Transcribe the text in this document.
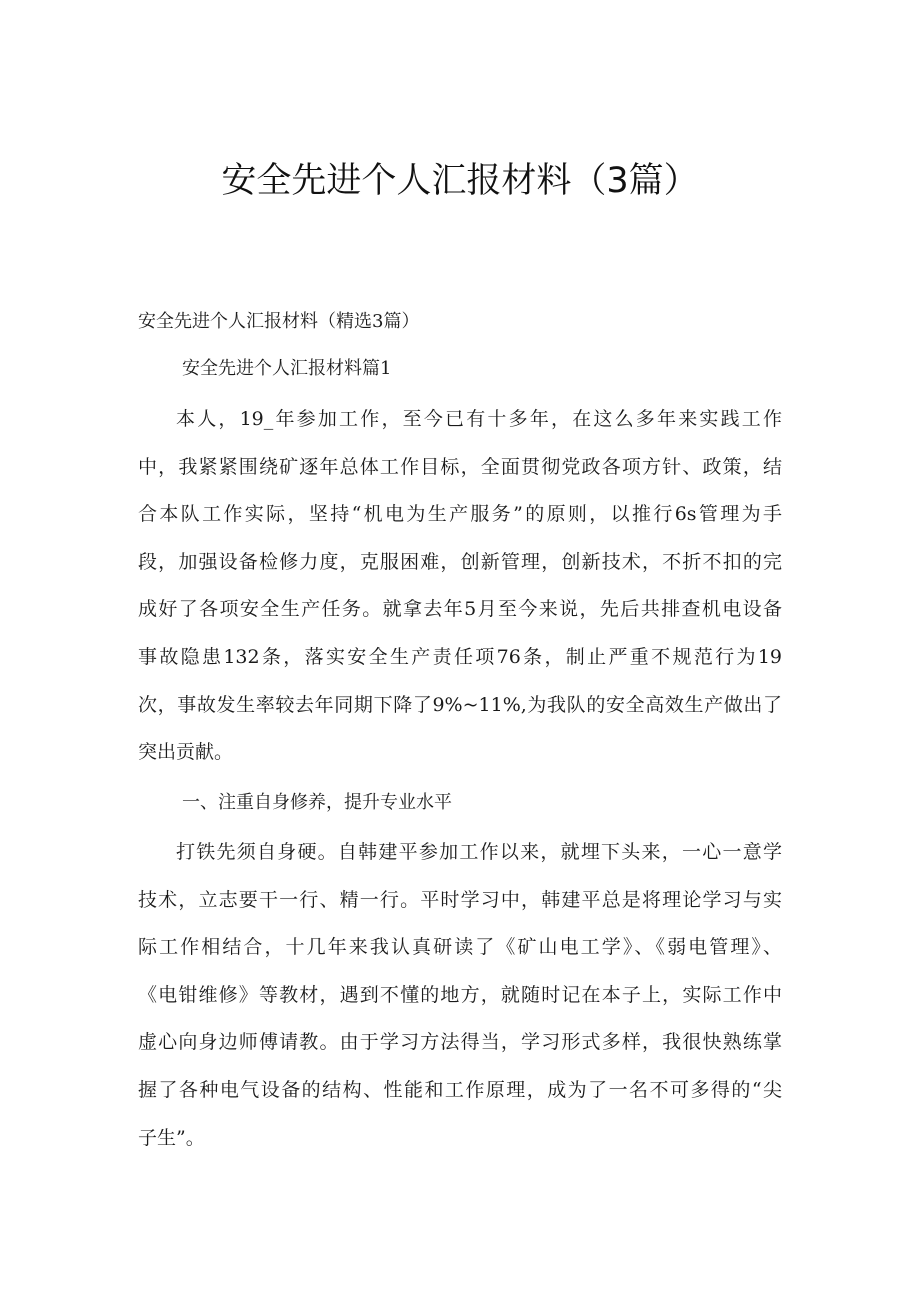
安全先进个人汇报材料（3篇）

安全先进个人汇报材料（精选3篇）

安全先进个人汇报材料篇1

本人，19_年参加工作，至今已有十多年，在这么多年来实践工作
中，我紧紧围绕矿逐年总体工作目标，全面贯彻党政各项方针、政策，结
合本队工作实际，坚持“机电为生产服务”的原则，以推行6s管理为手
段，加强设备检修力度，克服困难，创新管理，创新技术，不折不扣的完
成好了各项安全生产任务。就拿去年5月至今来说，先后共排查机电设备
事故隐患132条，落实安全生产责任项76条，制止严重不规范行为19
次，事故发生率较去年同期下降了9%~11%,为我队的安全高效生产做出了
突出贡献。

一、注重自身修养，提升专业水平

打铁先须自身硬。自韩建平参加工作以来，就埋下头来，一心一意学
技术，立志要干一行、精一行。平时学习中，韩建平总是将理论学习与实
际工作相结合，十几年来我认真研读了《矿山电工学》、《弱电管理》、
《电钳维修》等教材，遇到不懂的地方，就随时记在本子上，实际工作中
虚心向身边师傅请教。由于学习方法得当，学习形式多样，我很快熟练掌
握了各种电气设备的结构、性能和工作原理，成为了一名不可多得的“尖
子生”。
